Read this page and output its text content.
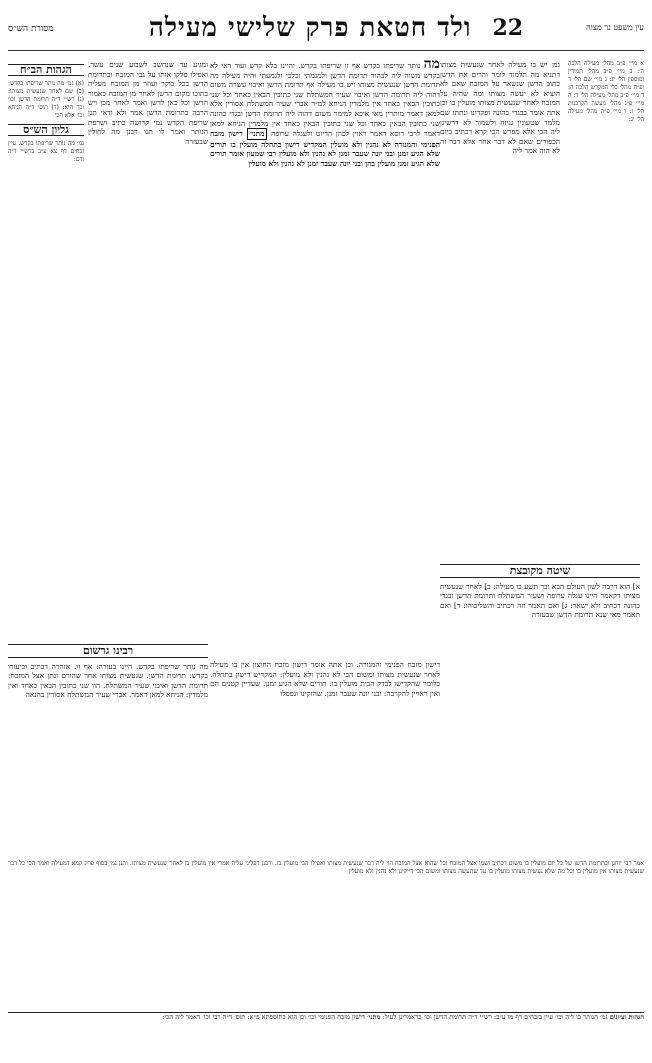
מסורת הש״ס	ולד חטאת פרק שלישי מעילה 22	עין משפט נר מצוה
מה נותר שריפתו בקדש אף זו שריפתו בקדש. והיינו בלא קדש ועוד דאי לא בקדש משוה ליה לבהוד תרומת הדשן ולמגמתי וכלכי ולגמעתי והיה מעילה מה תרומת הדשן שנעשית מצותו ויש בו מעילה אף תרומת הדשן ואיבוי עשרה משום דהוה ליה תרומת הדשן ואיבוי שעיר המשתלח שני כתובין הבאין כאחד וכל שני כתובין הבאין כאחד אין מלמדין הניחא למ״ד אברי שעיר המשתלח אסורין אלא למאן דאמר מותרין מאי איכא למימר משום דהוה ליה תרומת הדשן ובגדי כהונה שני כתובין הבאין כאחד וכל שני כתובין הבאין כאחד אין מלמדין הניחא למאן דאמר לרבי דוסא דאמר ראוין לכהן הדיוט ולעגלה ערופה מתני׳ דישון מזבח הפנימי והמנורה לא נהנין ולא מועלין המקדיש דישון בתחלה מועלין בו תורים שלא הגיע זמנן ובני יונה שעבר זמנן לא נהנין ולא מועלין רבי שמעון אומר תורים שלא הגיע זמנן מועלין בהן ובני יונה שעבר זמנן לא נהנין ולא מועלין
גמ׳ יש בו מעילה לאחר שנעשית מצותו דתניא מה תלמוד לומר והרים את הדשן כתוב הדשן שנשאר על המזבח שאם לא הוציא לא יעשה מצותו ומה שהיה על המזבח לאחר שנעשית מצותו מועלין בו וכן אתה אומר בבגדי כהונה ופקדונו ונתתו שם מלמד שטעונין גניזה ולשמור לא דרשינן ליה הכי אלא מפרש הכי קרא דכתיב ביום הכפורים שאם לא דבר אחר אלא דבר זה לא הוה אמר ליה
שיטה מקובצת
א] הוא דרבה לשון העולם הבא ובר תשע בו מעילה: ב] לאחר שנעשית מצותו דקאמר היינו עגלה ערופה ושעיר המשתלח ותרומת הדשן ובגדי כהונה דכתיב ולא ישאר: ג] ואם תאמר וזה דכתיב והשליכוהו: ד] ואם תאמר מאי שנא תרומת הדשן שבעזרה
ומגיע עד שנחשב לשבוע שנים עשר. ואפילו סלקו אותו על גבי המזבח ובתרומת הדשן בכל בוקר ועוזר מן המזבח מעליה בתוכו מקום הדשן לאחר מן המזבח כאמור הדשן וכל כאן לדשן ואמר לאחר מכן ויש הרבה בתרומת הדשן אמר ולא ודאי תנן שריפת הקדש נמי קדושה כתיב ושרפת הנותר ואמר לו תנו רבנן מה לחולין שבעזרה
רבינו גרשום
מה נותר שריפתו בקדש. היינו בעזרה: אף זו. אזהרה דכתיב וביעורו בקדש: תרומת הדשן. שנעשית מצותו אחר שהורם ונתן אצל המזבח: תרומת הדשן ואיבוי שעיר המשתלח. הוו שני כתובין הבאין כאחד ואין מלמדין: הניחא למאן דאמר. אברי שעיר המשתלח אסורין בהנאה
א מיי׳ פ״ב מהל׳ מעילה הלכה ה׳: ב מיי׳ פ״ב מהל׳ תמידין ומוספין הל׳ יג: ג מיי׳ שם הל׳ ד ופ״ח מהל׳ כלי המקדש הלכה ה: ד מיי׳ פ״ב מהל׳ מעילה הל׳ ד: ה מיי׳ פ״ג מהל׳ מעשה הקרבנות הל׳ ז: ו מיי׳ פ״ה מהל׳ מעילה הל׳ יג:
הגהות הב״ח
(א) גמ׳ מה נותר שריפתו בקדש: (ב) שם לאחר שנעשית מצותו: (ג) רש״י ד״ה תרומת הדשן וכו׳ וכך הוא: (ד) תוס׳ ד״ה הניחא וכו׳ אלא הכי
גליון הש״ס
גמ׳ מה נותר שריפתו בקדש. עיין זבחים דף צא ע״ב ברש״י ד״ה ודם:
דישון מזבח הפנימי והמנורה. וכן אתה אומר דישון מזבח החיצון אין בו מעילה לאחר שנעשית מצותו ומשום הכי לא נהנין ולא מועלין: המקדיש דישון בתחלה. כלומר שהקדישו לבדק הבית מועלין בו: תורים שלא הגיע זמנן. שעדיין קטנים הם ואין ראויין להקרבה: ובני יונה שעבר זמנן. שהזקינו ונפסלו
אמר רבי יוחנן ובתרומת הדשן של כל יום מועלין בו משום דכתיב ושמו אצל המזבח וכל שהוא אצל המזבח הוי ליה דבר שנעשית מצותו ואפילו הכי מועלין בו. ורבנן דפליגי עליה אמרי אין מועלין בו לאחר שנעשית מצותו. ותנן נמי בסוף פרק קמא דמעילה ואמר הכי כל דבר שנעשית מצותו אין מועלין בו וכל מה שלא נעשית מצותו מועלין בו עד שתעשה מצותו ומשום הכי דייקינן ולא נהנין ולא מועלין
הגהות וציונים גמ׳ הנותר בו ליה וכו׳ עיין בזבחים דף מו ע״ב: רש״י ד״ה תרומת הדשן וכו׳ כדאמרינן לעיל: מתני׳ דישון מזבח הפנימי וכו׳ וכן הוא בתוספתא פ״א: תוס׳ ד״ה רבי וכו׳ דאמר ליה הכי:
